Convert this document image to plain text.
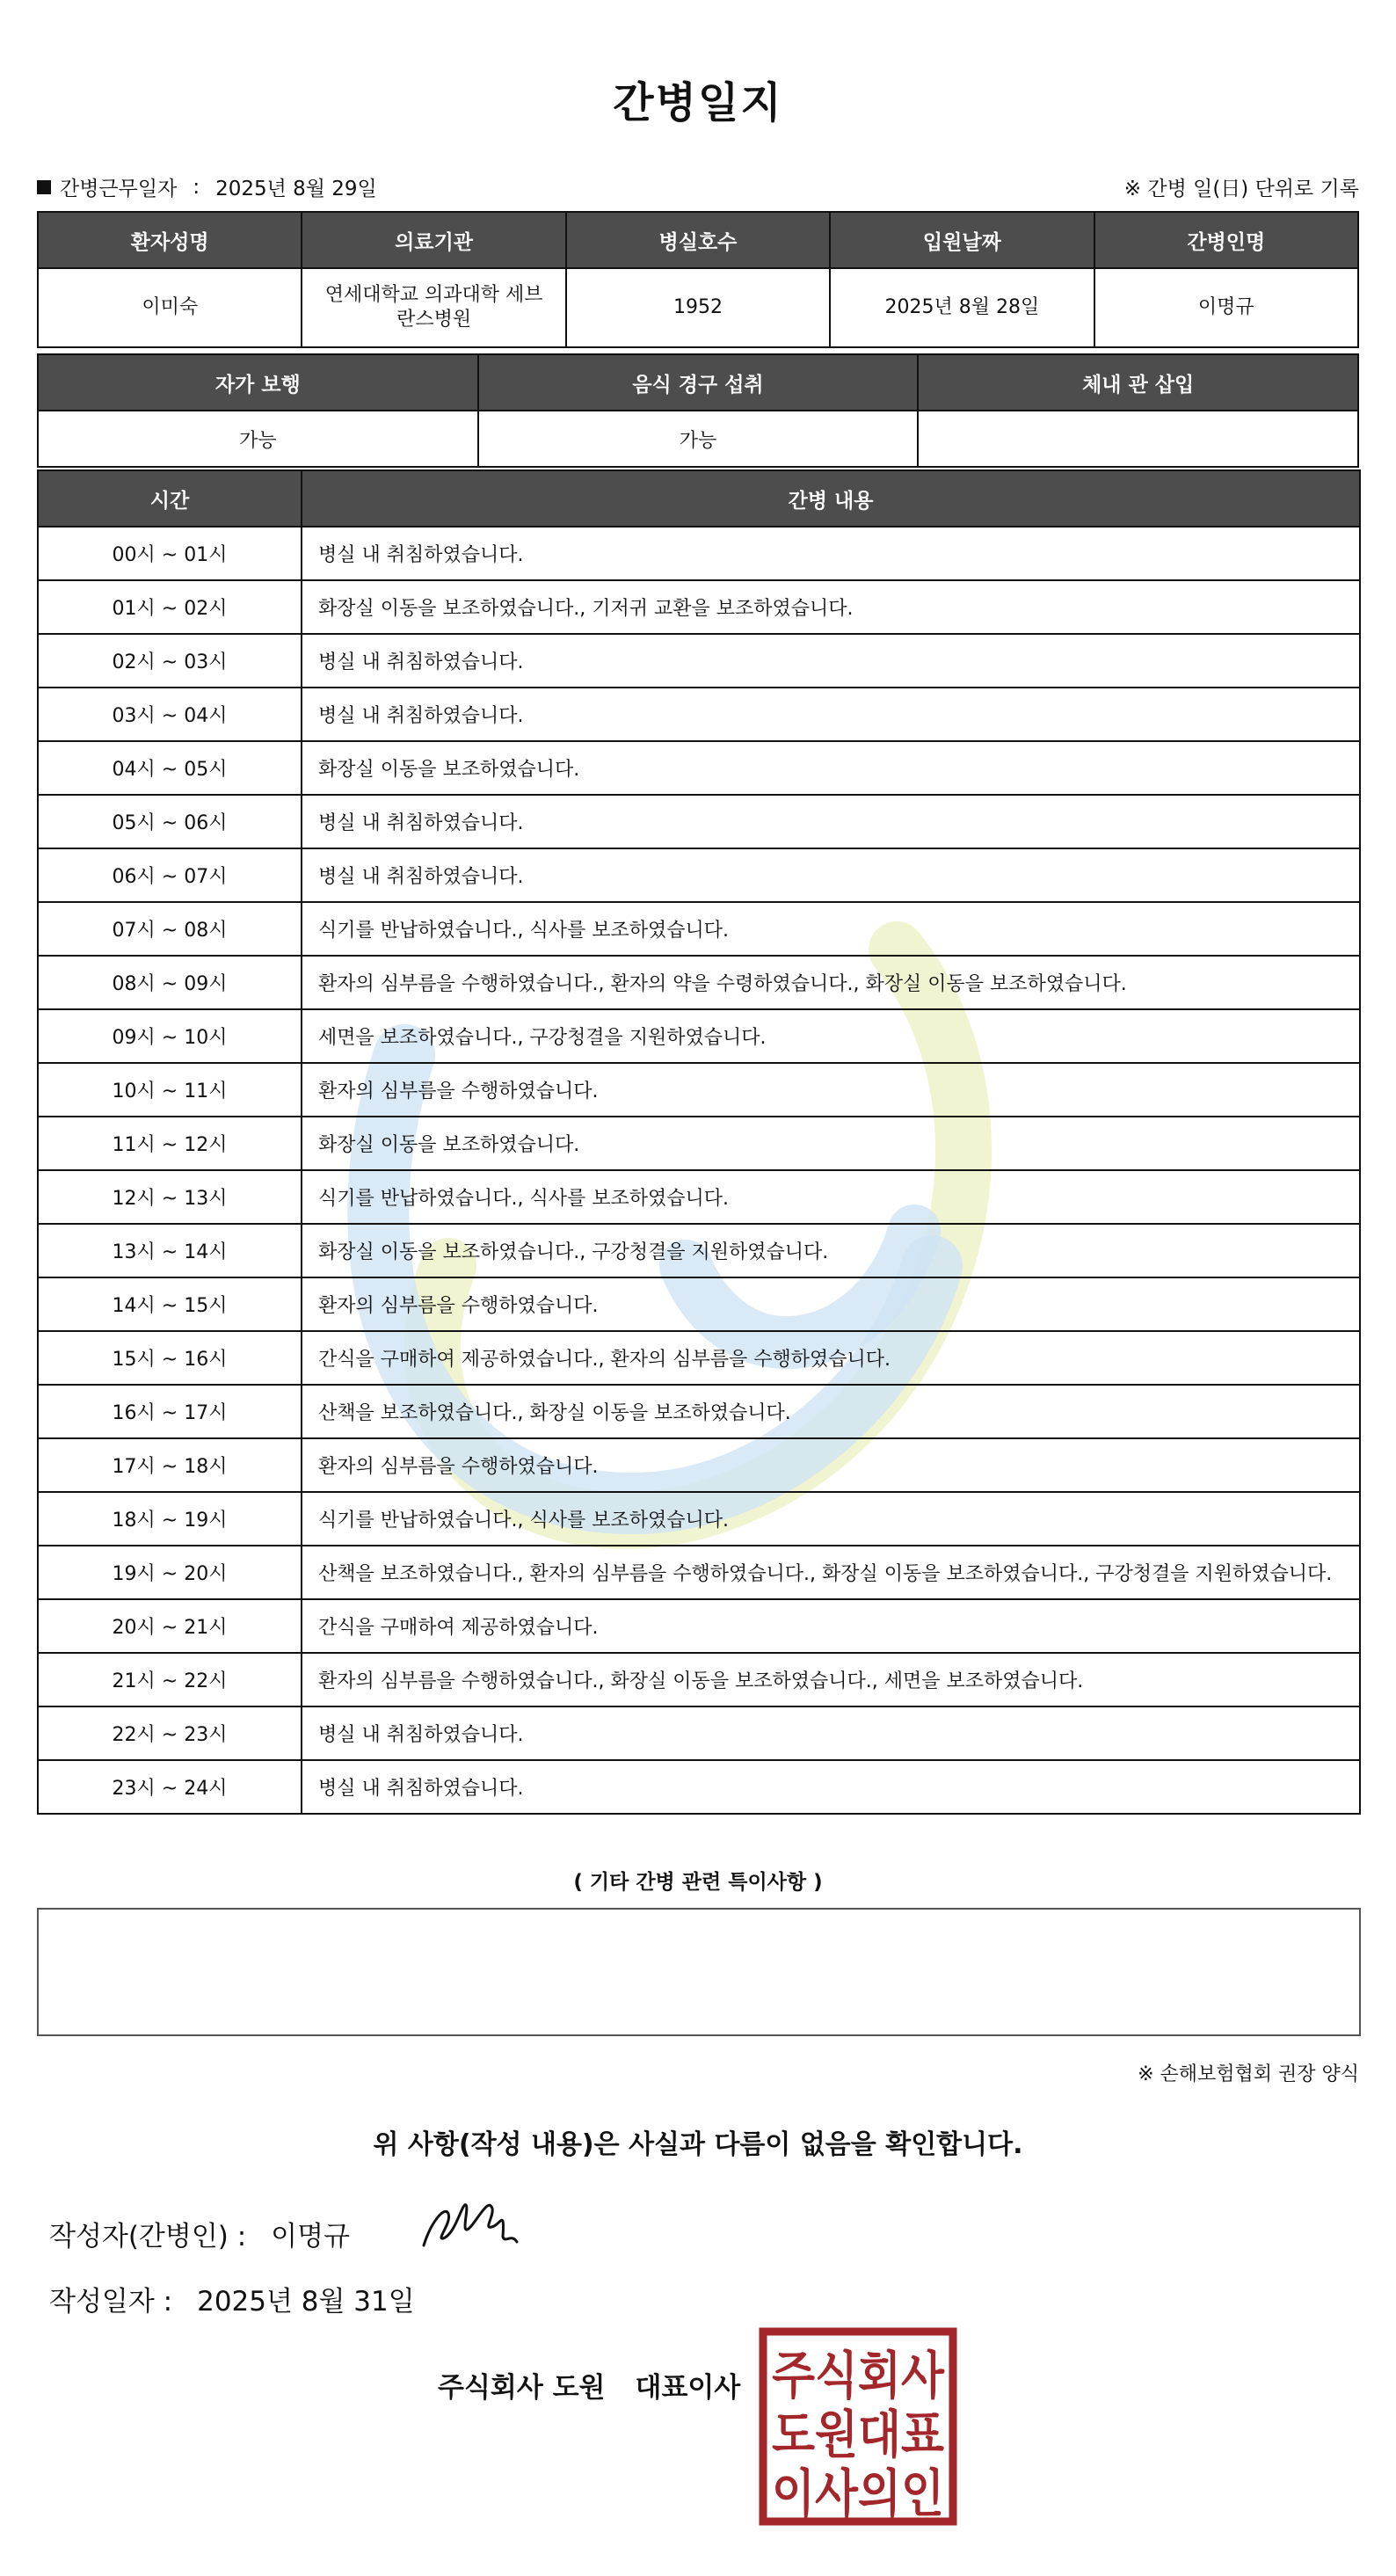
간병일지
간병근무일자 : 2025년 8월 29일	※ 간병 일(日) 단위로 기록
환자성명	의료기관	병실호수	입원날짜	간병인명
이미숙	연세대학교 의과대학 세브란스병원	1952	2025년 8월 28일	이명규
자가 보행	음식 경구 섭취	체내 관 삽입
가능	가능	
시간	간병 내용
00시 ~ 01시	병실 내 취침하였습니다.
01시 ~ 02시	화장실 이동을 보조하였습니다., 기저귀 교환을 보조하였습니다.
02시 ~ 03시	병실 내 취침하였습니다.
03시 ~ 04시	병실 내 취침하였습니다.
04시 ~ 05시	화장실 이동을 보조하였습니다.
05시 ~ 06시	병실 내 취침하였습니다.
06시 ~ 07시	병실 내 취침하였습니다.
07시 ~ 08시	식기를 반납하였습니다., 식사를 보조하였습니다.
08시 ~ 09시	환자의 심부름을 수행하였습니다., 환자의 약을 수령하였습니다., 화장실 이동을 보조하였습니다.
09시 ~ 10시	세면을 보조하였습니다., 구강청결을 지원하였습니다.
10시 ~ 11시	환자의 심부름을 수행하였습니다.
11시 ~ 12시	화장실 이동을 보조하였습니다.
12시 ~ 13시	식기를 반납하였습니다., 식사를 보조하였습니다.
13시 ~ 14시	화장실 이동을 보조하였습니다., 구강청결을 지원하였습니다.
14시 ~ 15시	환자의 심부름을 수행하였습니다.
15시 ~ 16시	간식을 구매하여 제공하였습니다., 환자의 심부름을 수행하였습니다.
16시 ~ 17시	산책을 보조하였습니다., 화장실 이동을 보조하였습니다.
17시 ~ 18시	환자의 심부름을 수행하였습니다.
18시 ~ 19시	식기를 반납하였습니다., 식사를 보조하였습니다.
19시 ~ 20시	산책을 보조하였습니다., 환자의 심부름을 수행하였습니다., 화장실 이동을 보조하였습니다., 구강청결을 지원하였습니다.
20시 ~ 21시	간식을 구매하여 제공하였습니다.
21시 ~ 22시	환자의 심부름을 수행하였습니다., 화장실 이동을 보조하였습니다., 세면을 보조하였습니다.
22시 ~ 23시	병실 내 취침하였습니다.
23시 ~ 24시	병실 내 취침하였습니다.
( 기타 간병 관련 특이사항 )
※ 손해보험협회 권장 양식
위 사항(작성 내용)은 사실과 다름이 없음을 확인합니다.
작성자(간병인) : 이명규
작성일자 : 2025년 8월 31일
주식회사 도원 대표이사 주식회사
도원대표
이사의인
